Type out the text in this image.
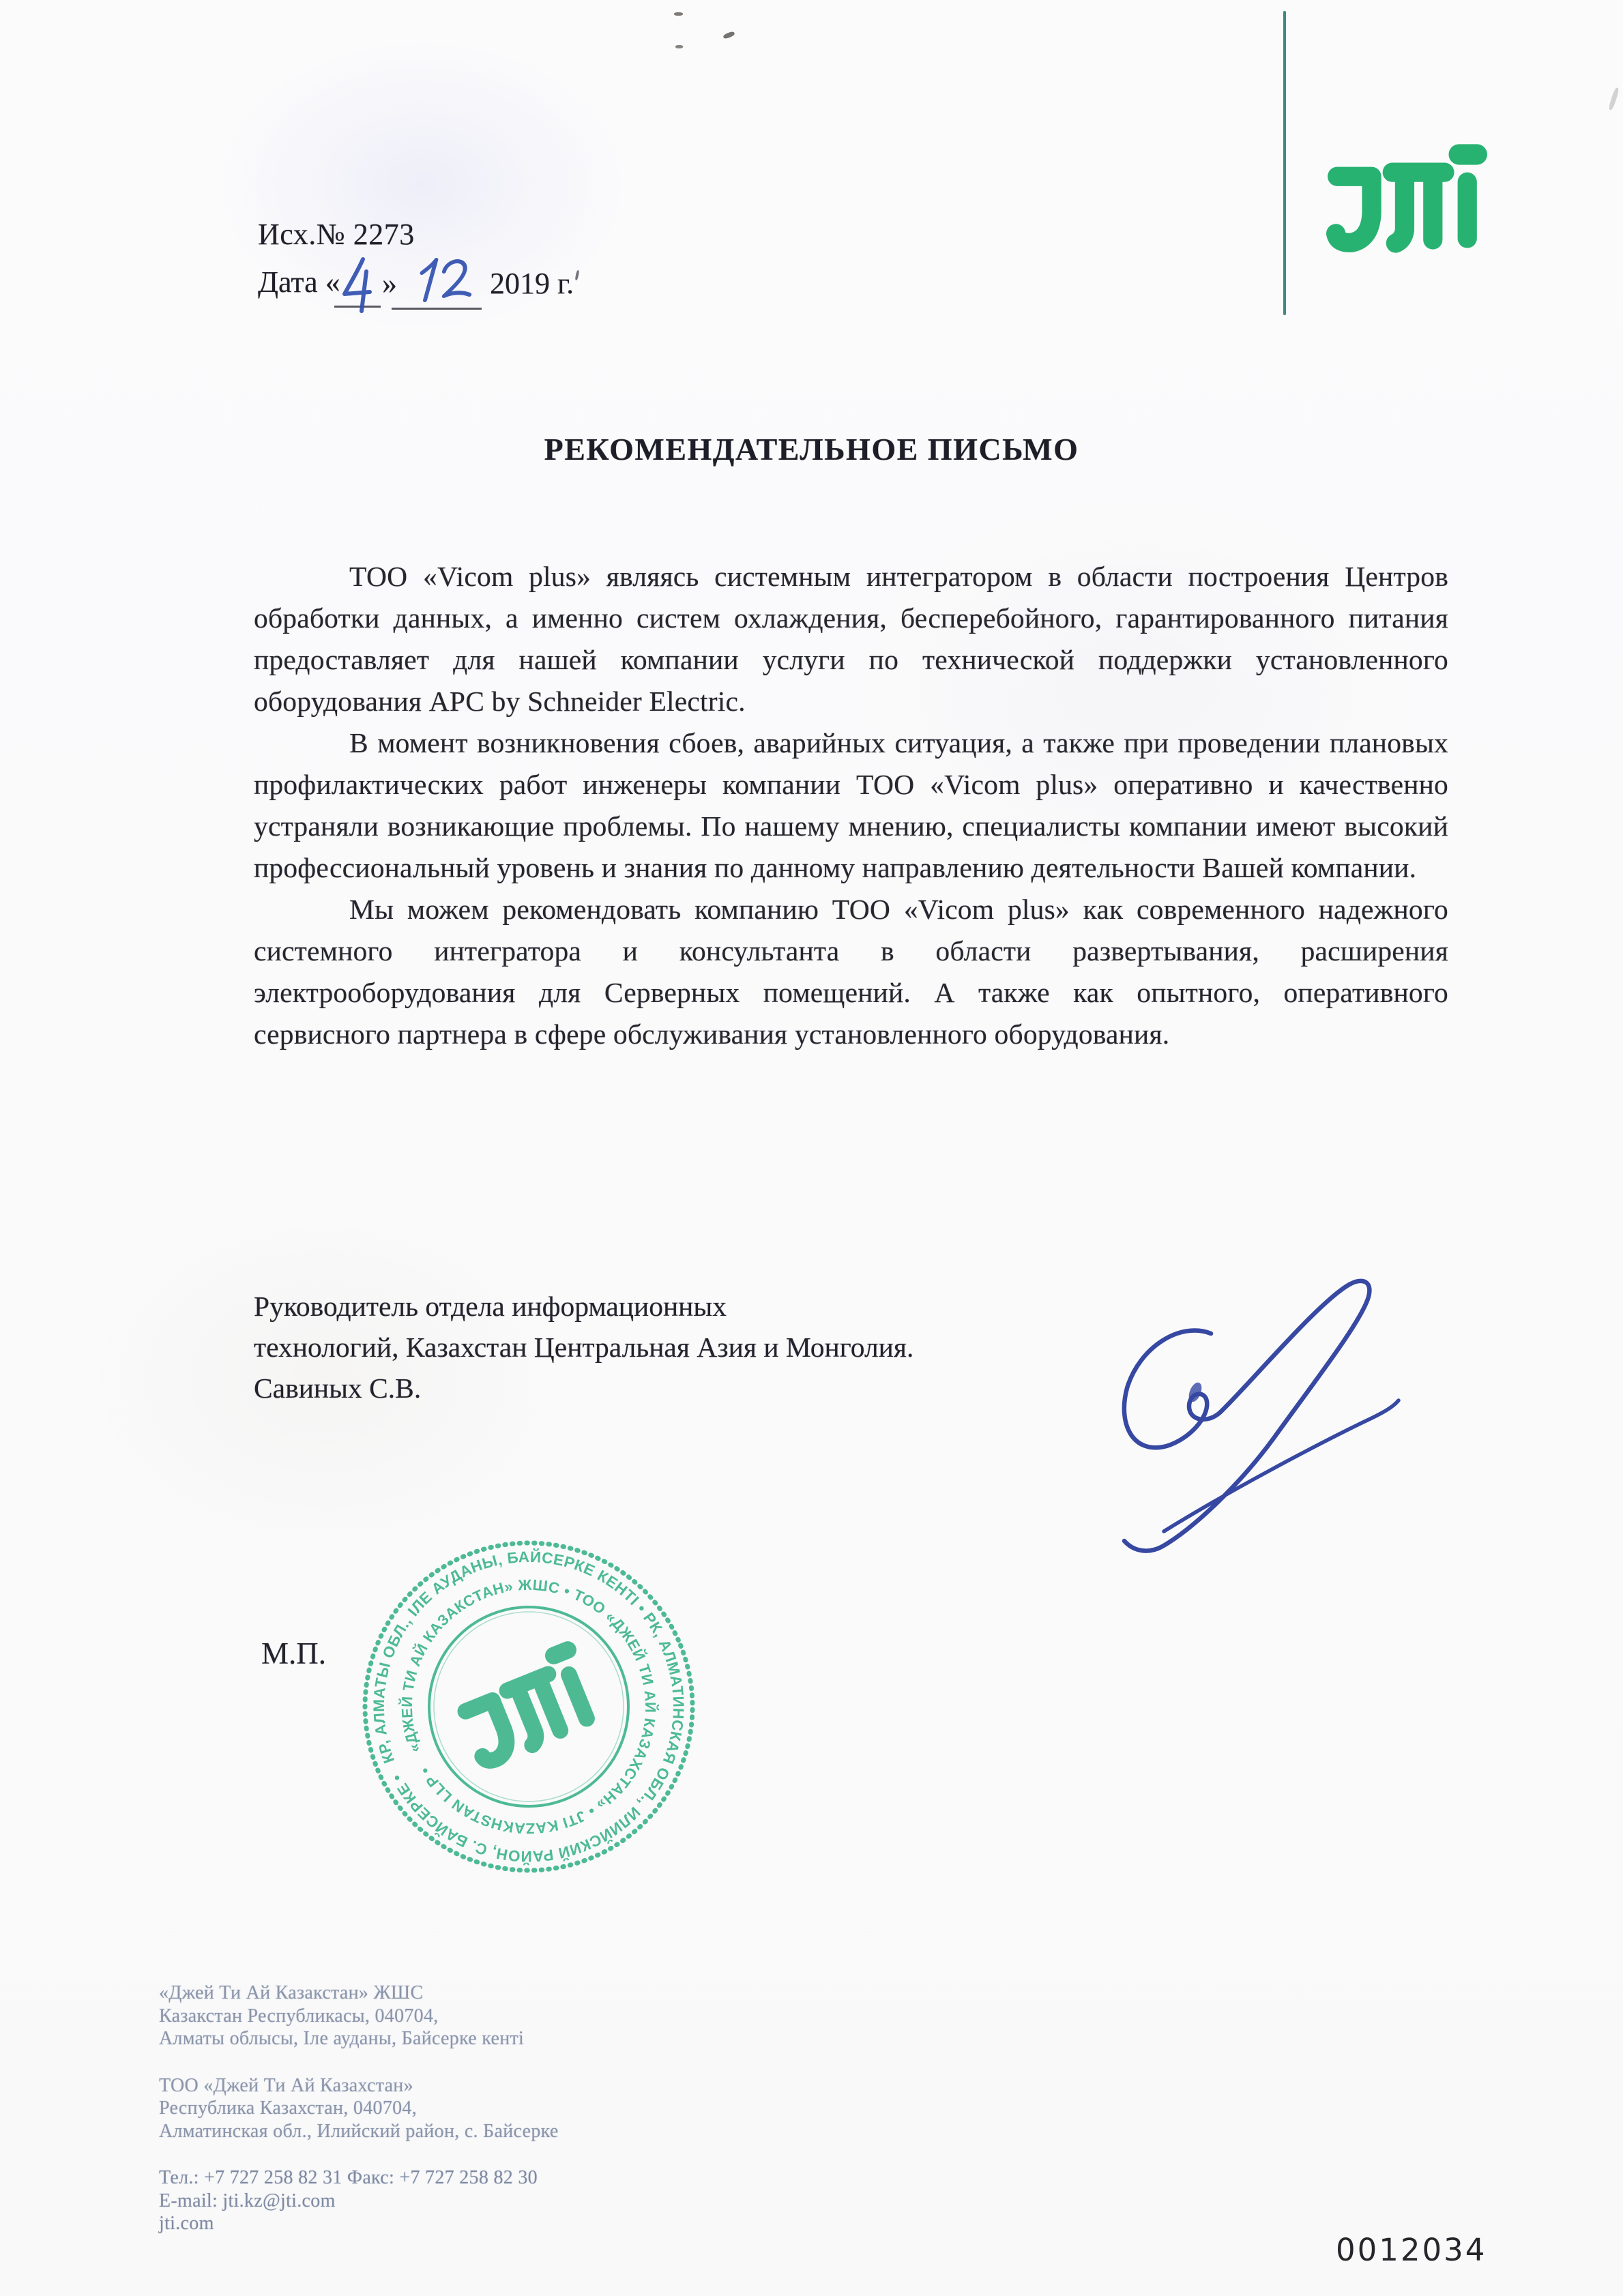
Исх.№ 2273
Дата « »	2019 г.
РЕКОМЕНДАТЕЛЬНОЕ ПИСЬМО

ТОО «Vicom plus» являясь системным интегратором в области построения Центров обработки данных, а именно систем охлаждения, бесперебойного, гарантированного питания предоставляет для нашей компании услуги по технической поддержки установленного оборудования APC by Schneider Electric.

В момент возникновения сбоев, аварийных ситуация, а также при проведении плановых профилактических работ инженеры компании ТОО «Vicom plus» оперативно и качественно устраняли возникающие проблемы. По нашему мнению, специалисты компании имеют высокий профессиональный уровень и знания по данному направлению деятельности Вашей компании.

Мы можем рекомендовать компанию ТОО «Vicom plus» как современного надежного системного интегратора и консультанта в области развертывания, расширения электрооборудования для Серверных помещений. А также как опытного, оперативного сервисного партнера в сфере обслуживания установленного оборудования.

Руководитель отдела информационных
технологий, Казахстан Центральная Азия и Монголия.
Савиных С.В.
М.П.
КР, АЛМАТЫ ОБЛ., ІЛЕ АУДАНЫ, БАЙСЕРКЕ КЕНТІ • РК, АЛМАТИНСКАЯ ОБЛ., ИЛИЙСКИЙ РАЙОН, С. БАЙСЕРКЕ •
«ДЖЕЙ ТИ АЙ КАЗАКСТАН» ЖШС • ТОО «ДЖЕЙ ТИ АЙ КАЗАХСТАН» • JTI KAZAKHSTAN LLP •

«Джей Ти Ай Казакстан» ЖШС

Казакстан Республикасы, 040704,

Алматы облысы, Іле ауданы, Байсерке кенті

ТОО «Джей Ти Ай Казахстан»

Республика Казахстан, 040704,

Алматинская обл., Илийский район, с. Байсерке

Тел.: +7 727 258 82 31 Факс: +7 727 258 82 30

E-mail: jti.kz@jti.com

jti.com

0012034
